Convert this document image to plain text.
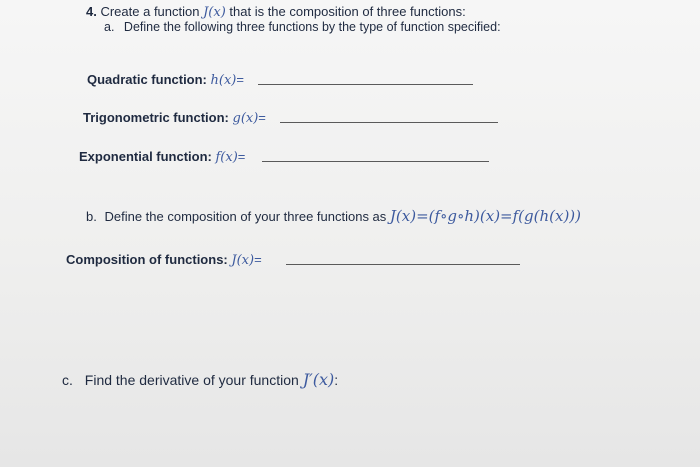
4. Create a function J(x) that is the composition of three functions:
a. Define the following three functions by the type of function specified:
Quadratic function: h(x)=
Trigonometric function: g(x)=
Exponential function: f(x)=
b. Define the composition of your three functions as J(x)=(f∘g∘h)(x)=f(g(h(x)))
Composition of functions: J(x)=
c. Find the derivative of your function J′(x):
